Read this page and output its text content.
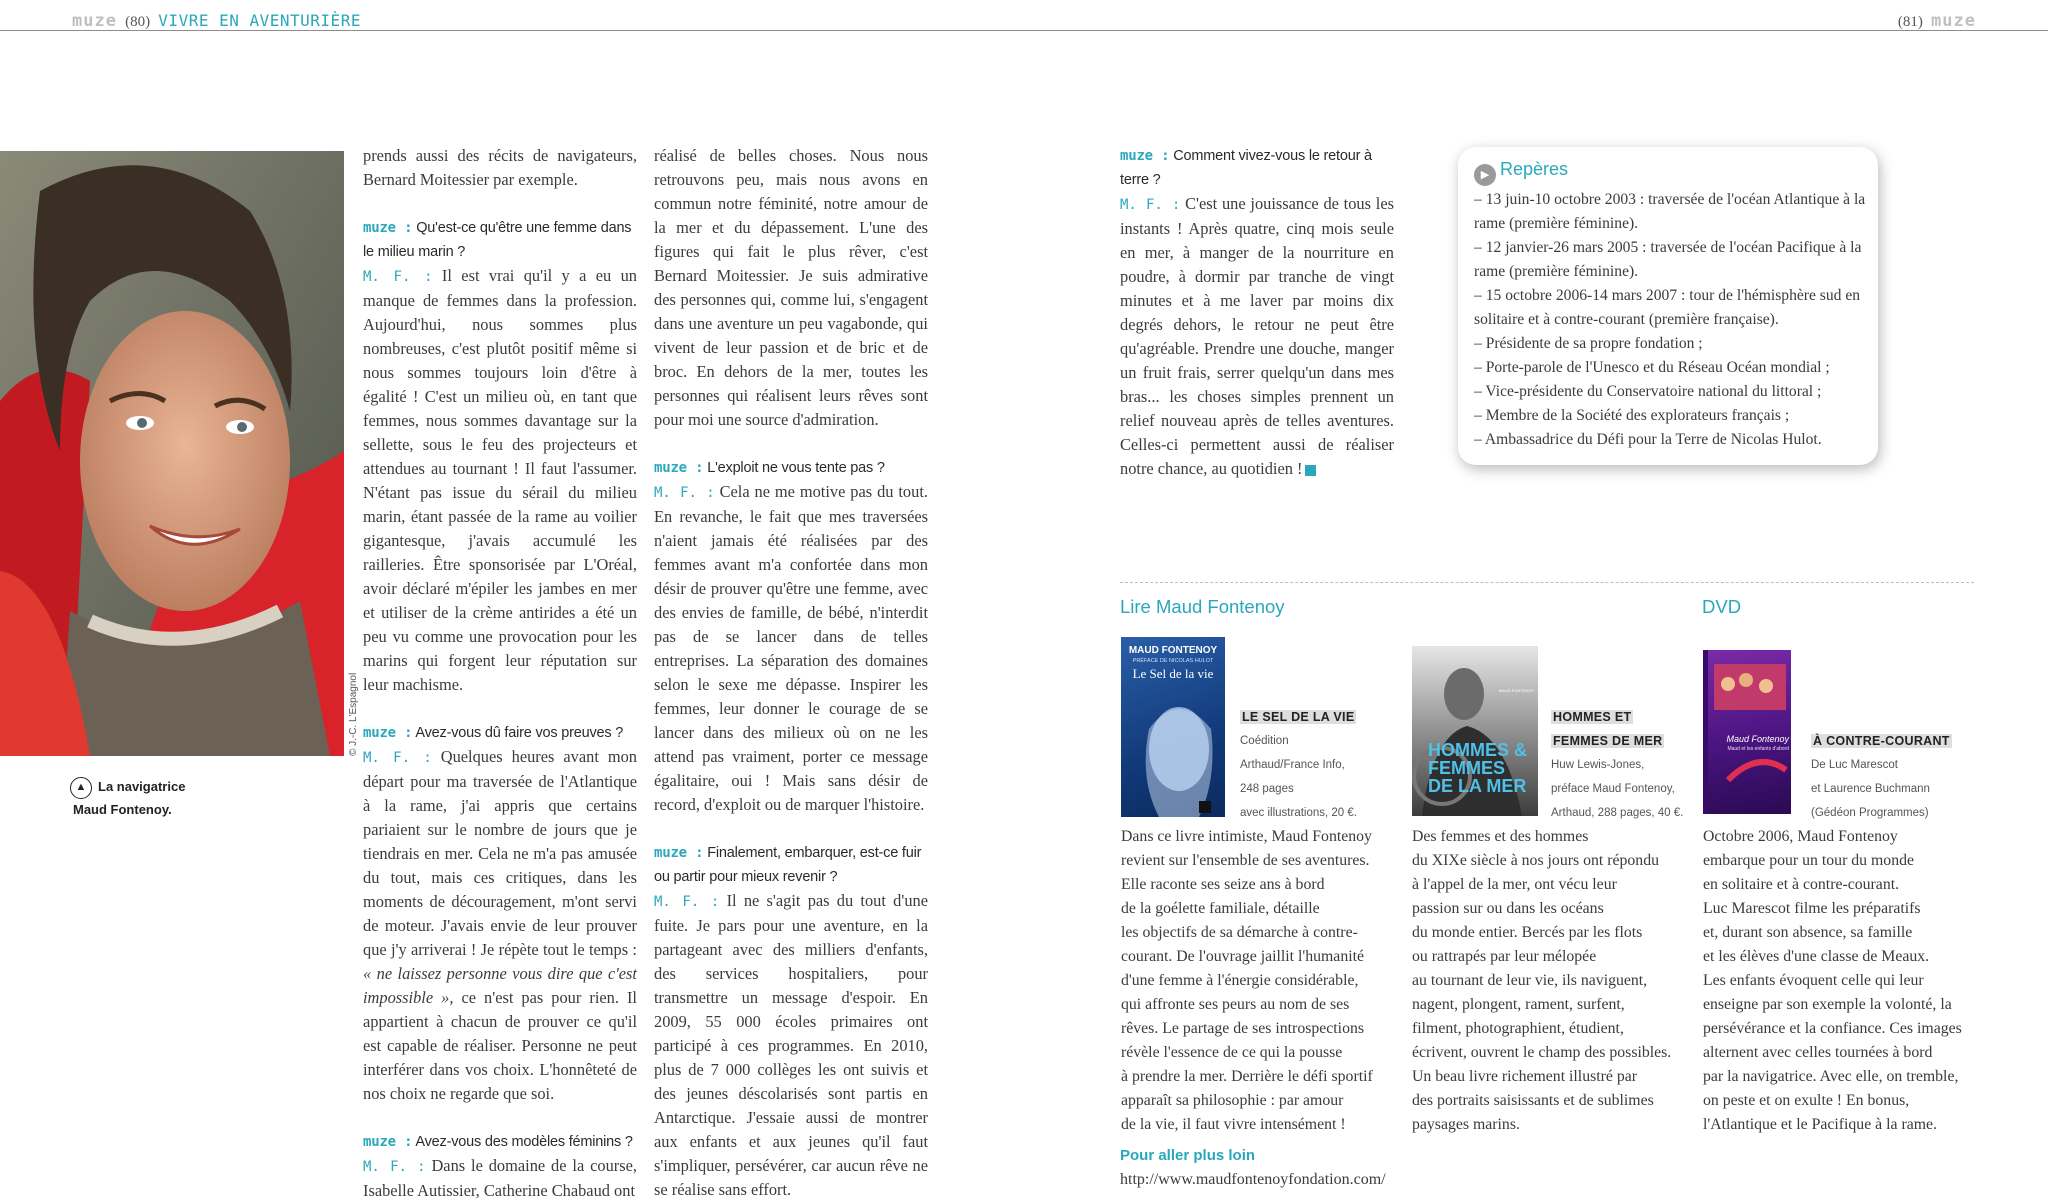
muze (80) VIVRE EN AVENTURIÈRE	(81) muze
© J.-C. L'Espagnol
▲ La navigatrice
Maud Fontenoy.

prends aussi des récits de navigateurs, Bernard Moitessier par exemple.

muze : Qu'est-ce qu'être une femme dans le milieu marin ?

M. F. : Il est vrai qu'il y a eu un manque de femmes dans la profession. Aujourd'hui, nous sommes plus nombreuses, c'est plutôt positif même si nous sommes toujours loin d'être à égalité ! C'est un milieu où, en tant que femmes, nous sommes davantage sur la sellette, sous le feu des projecteurs et attendues au tournant ! Il faut l'assumer. N'étant pas issue du sérail du milieu marin, étant passée de la rame au voilier gigantesque, j'avais accumulé les railleries. Être sponsorisée par L'Oréal, avoir déclaré m'épiler les jambes en mer et utiliser de la crème antirides a été un peu vu comme une provocation pour les marins qui forgent leur réputation sur leur machisme.

muze : Avez-vous dû faire vos preuves ?

M. F. : Quelques heures avant mon départ pour ma traversée de l'Atlantique à la rame, j'ai appris que certains pariaient sur le nombre de jours que je tiendrais en mer. Cela ne m'a pas amusée du tout, mais ces critiques, dans les moments de découragement, m'ont servi de moteur. J'avais envie de leur prouver que j'y arriverai ! Je répète tout le temps : « ne laissez personne vous dire que c'est impossible », ce n'est pas pour rien. Il appartient à chacun de prouver ce qu'il est capable de réaliser. Personne ne peut interférer dans vos choix. L'honnêteté de nos choix ne regarde que soi.

muze : Avez-vous des modèles féminins ?

M. F. : Dans le domaine de la course, Isabelle Autissier, Catherine Chabaud ont

réalisé de belles choses. Nous nous retrouvons peu, mais nous avons en commun notre féminité, notre amour de la mer et du dépassement. L'une des figures qui fait le plus rêver, c'est Bernard Moitessier. Je suis admirative des personnes qui, comme lui, s'engagent dans une aventure un peu vagabonde, qui vivent de leur passion et de bric et de broc. En dehors de la mer, toutes les personnes qui réalisent leurs rêves sont pour moi une source d'admiration.

muze : L'exploit ne vous tente pas ?

M. F. : Cela ne me motive pas du tout. En revanche, le fait que mes traversées n'aient jamais été réalisées par des femmes avant m'a confortée dans mon désir de prouver qu'être une femme, avec des envies de famille, de bébé, n'interdit pas de se lancer dans de telles entreprises. La séparation des domaines selon le sexe me dépasse. Inspirer les femmes, leur donner le courage de se lancer dans des milieux où on ne les attend pas vraiment, porter ce message égalitaire, oui ! Mais sans désir de record, d'exploit ou de marquer l'histoire.

muze : Finalement, embarquer, est-ce fuir ou partir pour mieux revenir ?

M. F. : Il ne s'agit pas du tout d'une fuite. Je pars pour une aventure, en la partageant avec des milliers d'enfants, des services hospitaliers, pour transmettre un message d'espoir. En 2009, 55 000 écoles primaires ont participé à ces programmes. En 2010, plus de 7 000 collèges les ont suivis et des jeunes déscolarisés sont partis en Antarctique. J'essaie aussi de montrer aux enfants et aux jeunes qu'il faut s'impliquer, persévérer, car aucun rêve ne se réalise sans effort.

muze : Comment vivez-vous le retour à terre ?

M. F. : C'est une jouissance de tous les instants ! Après quatre, cinq mois seule en mer, à manger de la nourriture en poudre, à dormir par tranche de vingt minutes et à me laver par moins dix degrés dehors, le retour ne peut être qu'agréable. Prendre une douche, manger un fruit frais, serrer quelqu'un dans mes bras... les choses simples prennent un relief nouveau après de telles aventures. Celles-ci permettent aussi de réaliser notre chance, au quotidien !

▶ Repères
– 13 juin-10 octobre 2003 : traversée de l'océan Atlantique à la rame (première féminine).
– 12 janvier-26 mars 2005 : traversée de l'océan Pacifique à la rame (première féminine).
– 15 octobre 2006-14 mars 2007 : tour de l'hémisphère sud en solitaire et à contre-courant (première française).
– Présidente de sa propre fondation ;
– Porte-parole de l'Unesco et du Réseau Océan mondial ;
– Vice-présidente du Conservatoire national du littoral ;
– Membre de la Société des explorateurs français ;
– Ambassadrice du Défi pour la Terre de Nicolas Hulot.
Lire Maud Fontenoy	DVD
MAUD FONTENOY
PRÉFACE DE NICOLAS HULOT
Le Sel de la vie
LE SEL DE LA VIE
Coédition
Arthaud/France Info,
248 pages
avec illustrations, 20 €.
Dans ce livre intimiste, Maud Fontenoy
revient sur l'ensemble de ses aventures.
Elle raconte ses seize ans à bord
de la goélette familiale, détaille
les objectifs de sa démarche à contre-
courant. De l'ouvrage jaillit l'humanité
d'une femme à l'énergie considérable,
qui affronte ses peurs au nom de ses
rêves. Le partage de ses introspections
révèle l'essence de ce qui la pousse
à prendre la mer. Derrière le défi sportif
apparaît sa philosophie : par amour
de la vie, il faut vivre intensément !
MAUD FONTENOY
HOMMES & FEMMES DE LA MER
HOMMES ET
FEMMES DE MER
Huw Lewis-Jones,
préface Maud Fontenoy,
Arthaud, 288 pages, 40 €.
Des femmes et des hommes
du XIXe siècle à nos jours ont répondu
à l'appel de la mer, ont vécu leur
passion sur ou dans les océans
du monde entier. Bercés par les flots
ou rattrapés par leur mélopée
au tournant de leur vie, ils naviguent,
nagent, plongent, rament, surfent,
filment, photographient, étudient,
écrivent, ouvrent le champ des possibles.
Un beau livre richement illustré par
des portraits saisissants et de sublimes
paysages marins.
Maud Fontenoy
Maud et les enfants d'abord
À CONTRE-COURANT
De Luc Marescot
et Laurence Buchmann
(Gédéon Programmes)
Octobre 2006, Maud Fontenoy
embarque pour un tour du monde
en solitaire et à contre-courant.
Luc Marescot filme les préparatifs
et, durant son absence, sa famille
et les élèves d'une classe de Meaux.
Les enfants évoquent celle qui leur
enseigne par son exemple la volonté, la
persévérance et la confiance. Ces images
alternent avec celles tournées à bord
par la navigatrice. Avec elle, on tremble,
on peste et on exulte ! En bonus,
l'Atlantique et le Pacifique à la rame.
Pour aller plus loin
http://www.maudfontenoyfondation.com/
